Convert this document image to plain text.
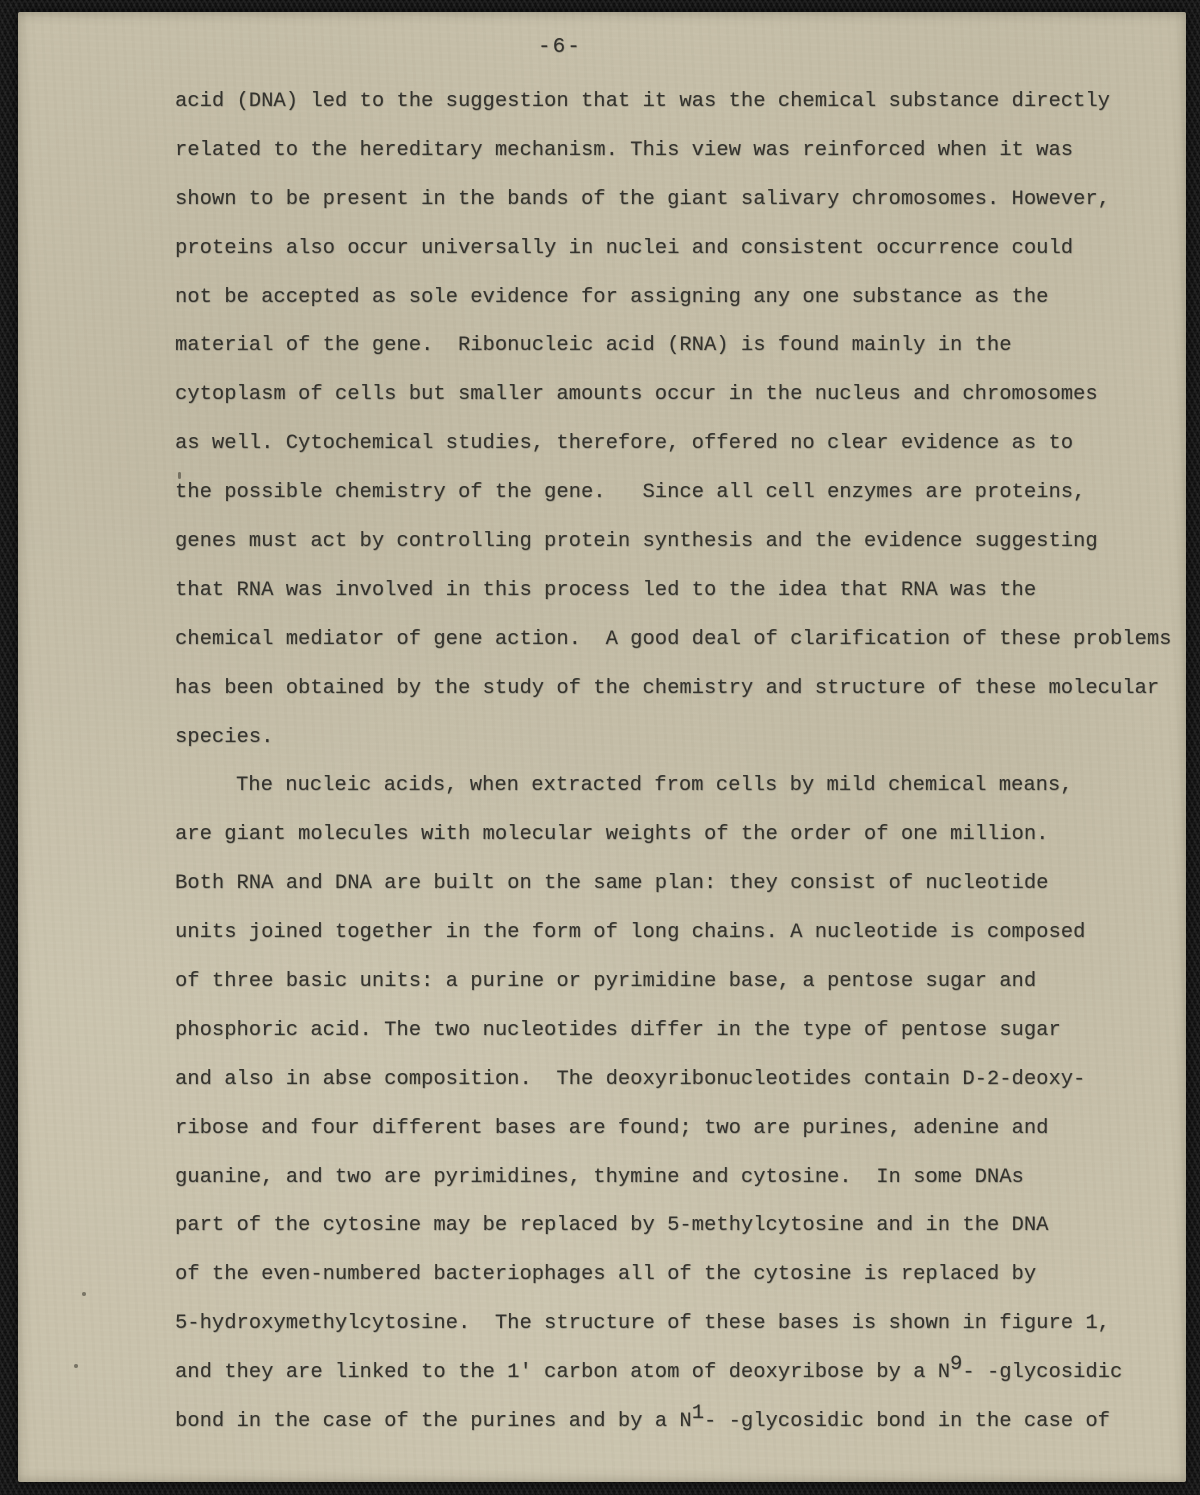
-6-
acid (DNA) led to the suggestion that it was the chemical substance directly
related to the hereditary mechanism. This view was reinforced when it was
shown to be present in the bands of the giant salivary chromosomes. However,
proteins also occur universally in nuclei and consistent occurrence could
not be accepted as sole evidence for assigning any one substance as the
material of the gene.  Ribonucleic acid (RNA) is found mainly in the
cytoplasm of cells but smaller amounts occur in the nucleus and chromosomes
as well. Cytochemical studies, therefore, offered no clear evidence as to
the possible chemistry of the gene.   Since all cell enzymes are proteins,
genes must act by controlling protein synthesis and the evidence suggesting
that RNA was involved in this process led to the idea that RNA was the
chemical mediator of gene action.  A good deal of clarification of these problems
has been obtained by the study of the chemistry and structure of these molecular
species.
The nucleic acids, when extracted from cells by mild chemical means,
are giant molecules with molecular weights of the order of one million.
Both RNA and DNA are built on the same plan: they consist of nucleotide
units joined together in the form of long chains. A nucleotide is composed
of three basic units: a purine or pyrimidine base, a pentose sugar and
phosphoric acid. The two nucleotides differ in the type of pentose sugar
and also in abse composition.  The deoxyribonucleotides contain D-2-deoxy-
ribose and four different bases are found; two are purines, adenine and
guanine, and two are pyrimidines, thymine and cytosine.  In some DNAs
part of the cytosine may be replaced by 5-methylcytosine and in the DNA
of the even-numbered bacteriophages all of the cytosine is replaced by
5-hydroxymethylcytosine.  The structure of these bases is shown in figure 1,
and they are linked to the 1' carbon atom of deoxyribose by a N9- -glycosidic
bond in the case of the purines and by a N1- -glycosidic bond in the case of
